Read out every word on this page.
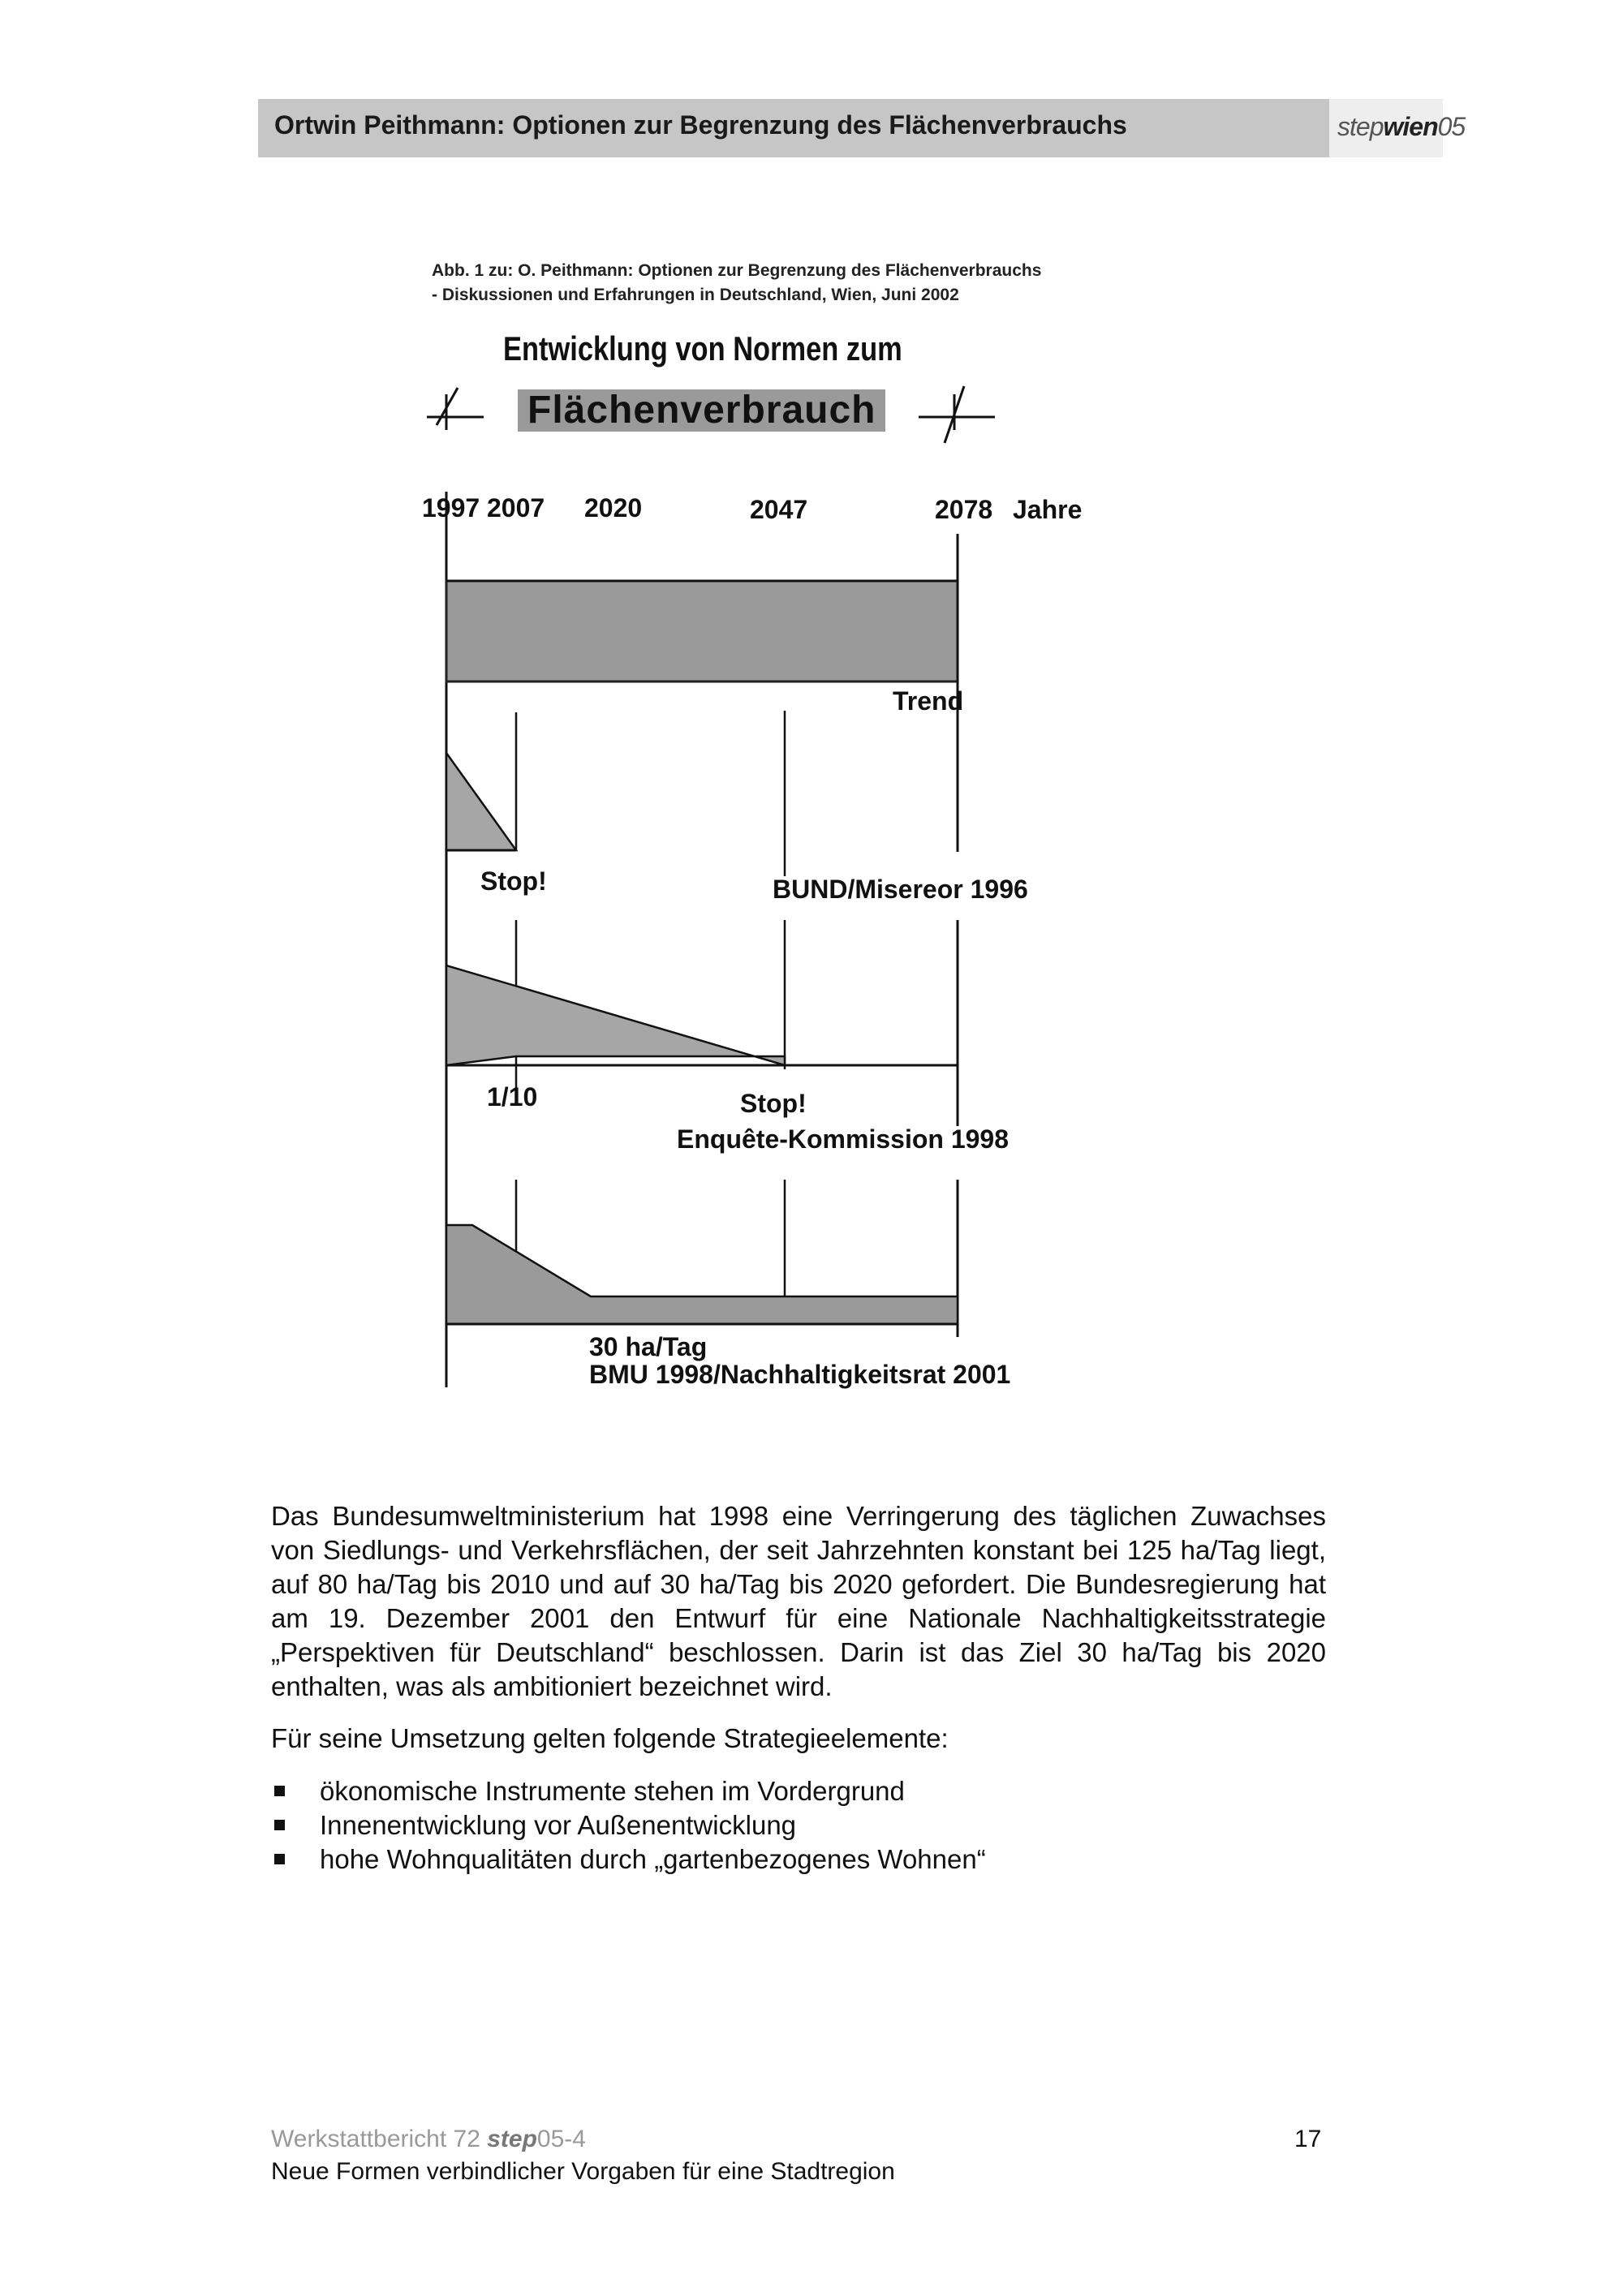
Ortwin Peithmann: Optionen zur Begrenzung des Flächenverbrauchs	stepwien05
Abb. 1 zu: O. Peithmann: Optionen zur Begrenzung des Flächenverbrauchs
- Diskussionen und Erfahrungen in Deutschland, Wien, Juni 2002
Entwicklung von Normen zum
Flächenverbrauch
1997 2007 2020	2047	2078 Jahre
Trend
Stop!	BUND/Misereor 1996
1/10	Stop!
Enquête-Kommission 1998
30 ha/Tag
BMU 1998/Nachhaltigkeitsrat 2001

Das Bundesumweltministerium hat 1998 eine Verringerung des täglichen Zuwachses von Siedlungs- und Verkehrsflächen, der seit Jahrzehnten konstant bei 125 ha/Tag liegt, auf 80 ha/Tag bis 2010 und auf 30 ha/Tag bis 2020 gefordert. Die Bundesregierung hat am 19. Dezember 2001 den Entwurf für eine Nationale Nachhaltigkeitsstrategie „Perspektiven für Deutschland“ beschlossen. Darin ist das Ziel 30 ha/Tag bis 2020 enthalten, was als ambitioniert bezeichnet wird.

Für seine Umsetzung gelten folgende Strategieelemente:
ökonomische Instrumente stehen im Vordergrund
Innenentwicklung vor Außenentwicklung
hohe Wohnqualitäten durch „gartenbezogenes Wohnen“
Werkstattbericht 72 step05-4
Neue Formen verbindlicher Vorgaben für eine Stadtregion
17
